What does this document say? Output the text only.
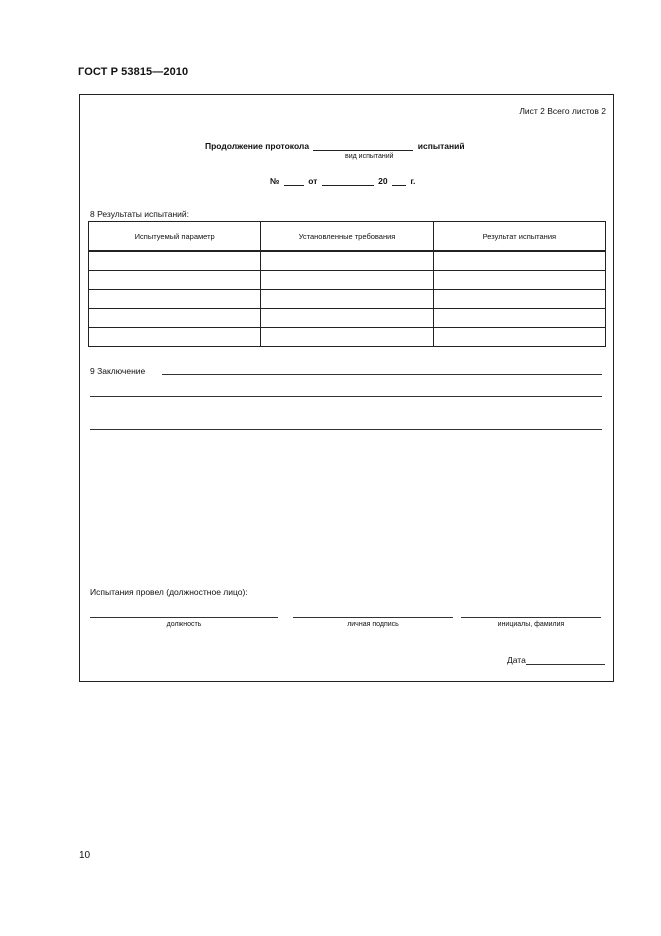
ГОСТ Р 53815—2010
Лист 2 Всего листов 2
Продолжение протокола	испытаний
вид испытаний
№	от	20	г.
8 Результаты испытаний:
Испытуемый параметр	Установленные требования	Результат испытания

9 Заключение
Испытания провел (должностное лицо):
должность	личная подпись	инициалы, фамилия
Дата
10
